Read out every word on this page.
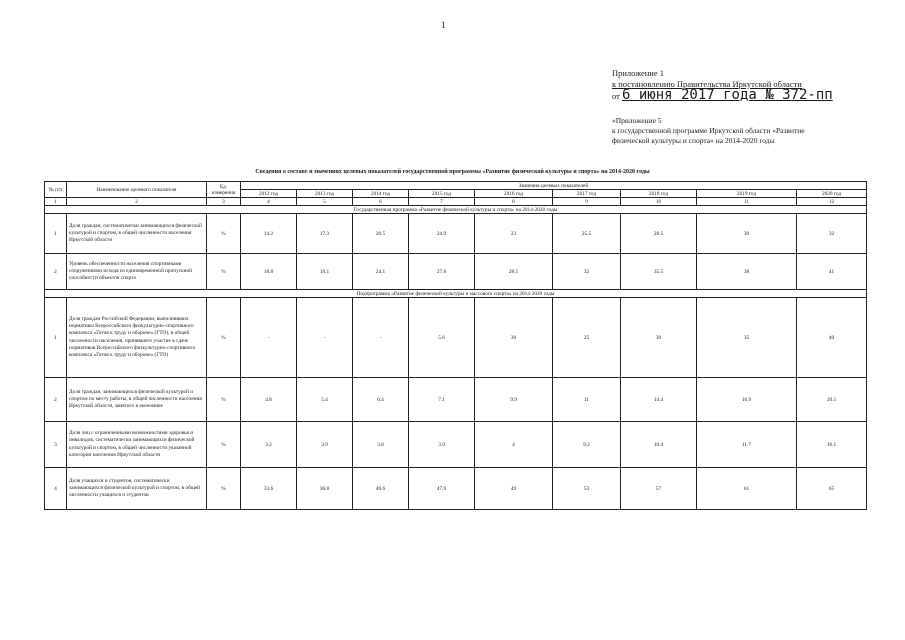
1
Приложение 1
к постановлению Правительства Иркутской области
от 6 июня 2017 года № 372-пп
«Приложение 5
к государственной программе Иркутской области «Развитие
физической культуры и спорта» на 2014-2020 годы
Сведения о составе и значениях целевых показателей государственной программы «Развитие физической культуры и спорта» на 2014-2020 годы
№ п/п	Наименование целевого показателя	Ед. измерения	Значения целевых показателей								
			2012 год	2013 год	2014 год	2015 год	2016 год	2017 год	2018 год	2019 год	2020 год
1	2	3	4	5	6	7	8	9	10	11	12
Государственная программа «Развитие физической культуры и спорта» на 2014-2020 годы											
1	Доля граждан, систематически занимающихся физической культурой и спортом, в общей численности населения Иркутской области	%	14.2	17.3	20.5	24.9	23	25.5	28.5	30	32
2	Уровень обеспеченности населения спортивными сооружениями исходя из единовременной пропускной способности объектов спорта	%	18.8	19.1	24.1	27.8	28.5	32	35.5	38	41
Подпрограмма «Развитие физической культуры и массового спорта» на 2014-2020 годы											
1	Доля граждан Российской Федерации, выполнивших нормативы Всероссийского физкультурно-спортивного комплекса «Готов к труду и обороне» (ГТО), в общей численности населения, принявшего участие в сдаче нормативов Всероссийского физкультурно-спортивного комплекса «Готов к труду и обороне» (ГТО)	%	-	-	-	5.6	30	25	30	35	40
2	Доля граждан, занимающихся физической культурой и спортом по месту работы, в общей численности населения Иркутской области, занятого в экономике	%	4.8	5.4	6.4	7.1	9.9	11	14.4	16.9	20.5
3	Доля лиц с ограниченными возможностями здоровья и инвалидов, систематически занимающихся физической культурой и спортом, в общей численности указанной категории населения Иркутской области	%	3.2	3.9	3.8	3.9	4	9.2	10.4	11.7	16.1
4	Доля учащихся и студентов, систематически занимающихся физической культурой и спортом, в общей численности учащихся и студентов	%	33.6	36.8	46.6	47.9	49	53	57	61	65
